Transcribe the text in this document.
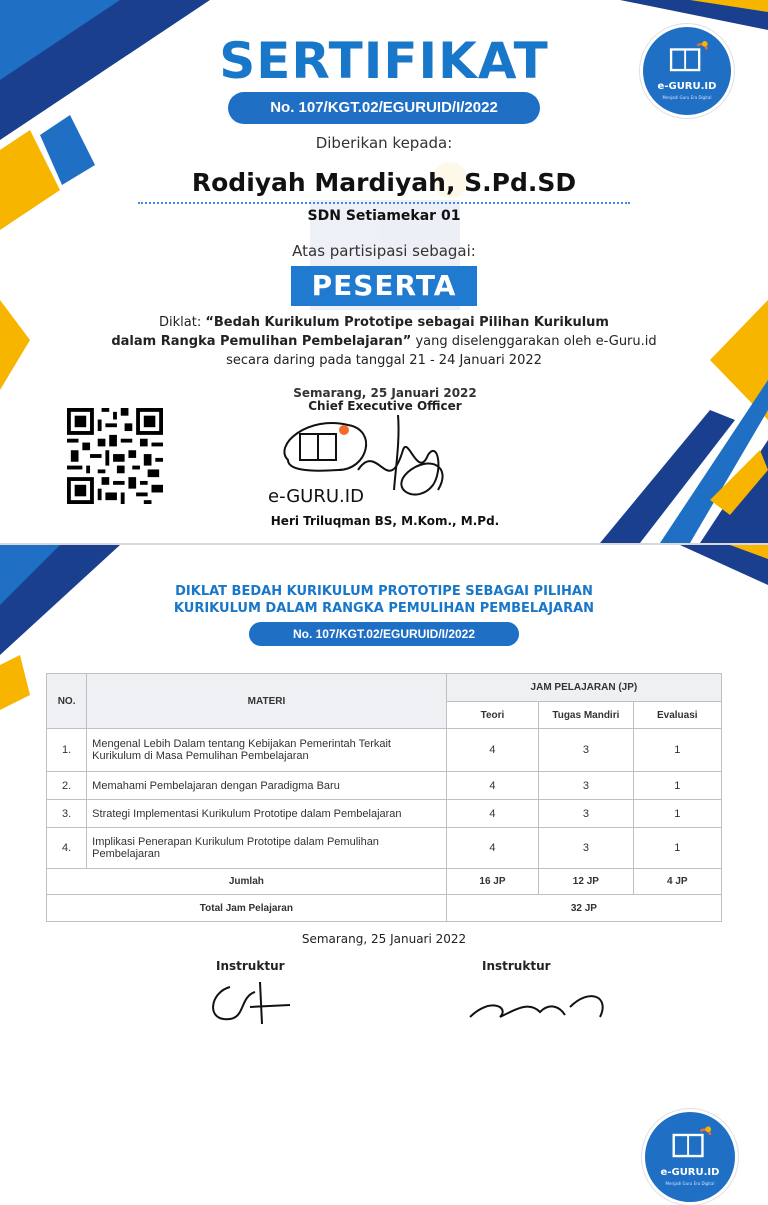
SERTIFIKAT
No. 107/KGT.02/EGURUID/I/2022
Diberikan kepada:
Rodiyah Mardiyah, S.Pd.SD
SDN Setiamekar 01
Atas partisipasi sebagai:
PESERTA
Diklat: “Bedah Kurikulum Prototipe sebagai Pilihan Kurikulum
dalam Rangka Pemulihan Pembelajaran” yang diselenggarakan oleh e-Guru.id
secara daring pada tanggal 21 - 24 Januari 2022
Semarang, 25 Januari 2022
Chief Executive Officer
e-GURU.ID
Heri Triluqman BS, M.Kom., M.Pd.
e-GURU.ID
Menjadi Guru Era Digital
DIKLAT BEDAH KURIKULUM PROTOTIPE SEBAGAI PILIHAN
KURIKULUM DALAM RANGKA PEMULIHAN PEMBELAJARAN
No. 107/KGT.02/EGURUID/I/2022
e-GURU.ID
Menjadi Guru Era Digital
NO.	MATERI	JAM PELAJARAN (JP)		
		Teori	Tugas Mandiri	Evaluasi
1.	Mengenal Lebih Dalam tentang Kebijakan Pemerintah Terkait Kurikulum di Masa Pemulihan Pembelajaran	4	3	1
2.	Memahami Pembelajaran dengan Paradigma Baru	4	3	1
3.	Strategi Implementasi Kurikulum Prototipe dalam Pembelajaran	4	3	1
4.	Implikasi Penerapan Kurikulum Prototipe dalam Pemulihan Pembelajaran	4	3	1
Jumlah		16 JP	12 JP	4 JP
Total Jam Pelajaran		32 JP		
Semarang, 25 Januari 2022
Instruktur	Instruktur
